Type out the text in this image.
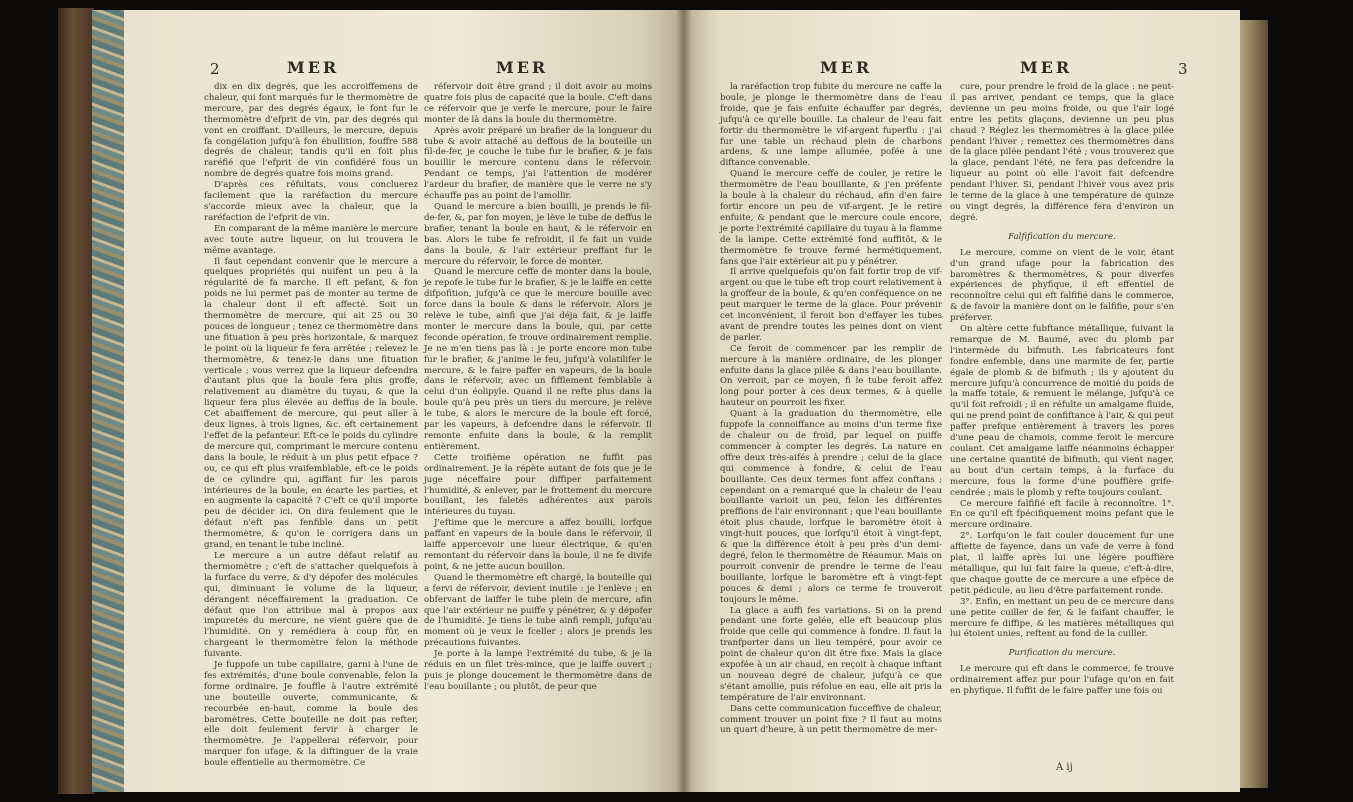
2	MER	MER

dix en dix degrés, que les accroiffemens de chaleur, qui font marqués fur le thermomètre de mercure, par des degrés égaux, le font fur le thermomètre d'efprit de vin, par des degrés qui vont en croiffant. D'ailleurs, le mercure, depuis fa congélation jufqu'à fon ébullition, fouffre 588 degrés de chaleur, tandis qu'il en foit plus raréfié que l'efprit de vin confidéré fous un nombre de degrés quatre fois moins grand.

D'après ces réfultats, vous concluerez facilement que la raréfaction du mercure s'accorde mieux avec la chaleur, que la raréfaction de l'efprit de vin.

En comparant de la même manière le mercure avec toute autre liqueur, on lui trouvera le même avantage.

Il faut cependant convenir que le mercure a quelques propriétés qui nuifent un peu à la régularité de fa marche. Il eft pefant, & fon poids ne lui permet pas de monter au terme de la chaleur dont il eft affecté. Soit un thermomètre de mercure, qui ait 25 ou 30 pouces de longueur ; tenez ce thermomètre dans une fituation à peu près horizontale, & marquez le point où la liqueur fe fera arrêtée ; relevez le thermomètre, & tenez-le dans une fituation verticale ; vous verrez que la liqueur defcendra d'autant plus que la boule fera plus groffe, relativement au diamètre du tuyau, & que la liqueur fera plus élevée au deffus de la boule. Cet abaiffement de mercure, qui peut aller à deux lignes, à trois lignes, &c. eft certainement l'effet de la pefanteur. Eft-ce le poids du cylindre de mercure qui, comprimant le mercure contenu dans la boule, le réduit à un plus petit efpace ? ou, ce qui eft plus vraifemblable, eft-ce le poids de ce cylindre qui, agiffant fur les parois intérieures de la boule, en écarte les parties, et en augmente la capacité ? C'eft ce qu'il importe peu de décider ici. On dira feulement que le défaut n'eft pas fenfible dans un petit thermomètre, & qu'on le corrigera dans un grand, en tenant le tube incliné.

Le mercure a un autre défaut relatif au thermomètre ; c'eft de s'attacher quelquefois à la furface du verre, & d'y dépofer des molécules qui, diminuant le volume de la liqueur, dérangent néceffairement la graduation. Ce défaut que l'on attribue mal à propos aux impuretés du mercure, ne vient guère que de l'humidité. On y remédiera à coup fûr, en chargeant le thermomètre felon la méthode fuivante.

Je fuppofe un tube capillaire, garni à l'une de fes extrémités, d'une boule convenable, felon la forme ordinaire. Je fouffle à l'autre extrémité une bouteille ouverte, communicante, & recourbée en-haut, comme la boule des baromètres. Cette bouteille ne doit pas refter, elle doit feulement fervir à charger le thermomètre. Je l'appellerai réfervoir, pour marquer fon ufage, & la diftinguer de la vraie boule effentielle au thermomètre. Ce

réfervoir doit être grand ; il doit avoir au moins quatre fois plus de capacité que la boule. C'eft dans ce réfervoir que je verfe le mercure, pour le faire monter de là dans la boule du thermomètre.

Après avoir préparé un brafier de la longueur du tube & avoir attaché au deffous de la bouteille un fil-de-fer, je couche le tube fur le brafier, & je fais bouillir le mercure contenu dans le réfervoir. Pendant ce temps, j'ai l'attention de modérer l'ardeur du brafier, de manière que le verre ne s'y échauffe pas au point de l'amollir.

Quand le mercure a bien bouilli, je prends le fil-de-fer, &, par fon moyen, je lève le tube de deffus le brafier, tenant la boule en haut, & le réfervoir en bas. Alors le tube fe refroidit, il fe fait un vuide dans la boule, & l'air extérieur preffant fur le mercure du réfervoir, le force de monter.

Quand le mercure ceffe de monter dans la boule, je repofe le tube fur le brafier, & je le laiffe en cette difpofition, jufqu'à ce que le mercure bouille avec force dans la boule & dans le réfervoir. Alors je relève le tube, ainfi que j'ai déja fait, & je laiffe monter le mercure dans la boule, qui, par cette feconde opération, fe trouve ordinairement remplie. Je ne m'en tiens pas là : je porte encore mon tube fur le brafier, & j'anime le feu, jufqu'à volatilifer le mercure, & le faire paffer en vapeurs, de la boule dans le réfervoir, avec un fifflement femblable à celui d'un éolipyle. Quand il ne refte plus dans la boule qu'à peu près un tiers du mercure, je relève le tube, & alors le mercure de la boule eft forcé, par les vapeurs, à defcendre dans le réfervoir. Il remonte enfuite dans la boule, & la remplit entièrement.

Cette troifième opération ne fuffit pas ordinairement. Je la répète autant de fois que je le juge néceffaire pour diffiper parfaitement l'humidité, & enlever, par le frottement du mercure bouillant, les faletés adhérentes aux parois intérieures du tuyau.

J'eftime que le mercure a affez bouilli, lorfque paffant en vapeurs de la boule dans le réfervoir, il laiffe appercevoir une lueur électrique, & qu'en remontant du réfervoir dans la boule, il ne fe divife point, & ne jette aucun bouillon.

Quand le thermomètre eft chargé, la bouteille qui a fervi de réfervoir, devient inutile : je l'enlève ; en obfervant de laiffer le tube plein de mercure, afin que l'air extérieur ne puiffe y pénétrer, & y dépofer de l'humidité. Je tiens le tube ainfi rempli, jufqu'au moment où je veux le fceller ; alors je prends les précautions fuivantes.

Je porte à la lampe l'extrémité du tube, & je la réduis en un filet très-mince, que je laiffe ouvert ; puis je plonge doucement le thermomètre dans de l'eau bouillante ; ou plutôt, de peur que

MER	MER	3

la raréfaction trop fubite du mercure ne caffe la boule, je plonge le thermomètre dans de l'eau froide, que je fais enfuite échauffer par degrés, jufqu'à ce qu'elle bouille. La chaleur de l'eau fait fortir du thermomètre le vif-argent fuperflu : j'ai fur une table un réchaud plein de charbons ardens, & une lampe allumée, pofée à une diftance convenable.

Quand le mercure ceffe de couler, je retire le thermomètre de l'eau bouillante, & j'en préfente la boule à la chaleur du réchaud, afin d'en faire fortir encore un peu de vif-argent. Je le retire enfuite, & pendant que le mercure coule encore, je porte l'extrémité capillaire du tuyau à la flamme de la lampe. Cette extrémité fond auffitôt, & le thermomètre fe trouve fermé hermétiquement, fans que l'air extérieur ait pu y pénétrer.

Il arrive quelquefois qu'on fait fortir trop de vif-argent ou que le tube eft trop court relativement à la groffeur de la boule, & qu'en conféquence on ne peut marquer le terme de la glace. Pour prévenir cet inconvénient, il feroit bon d'effayer les tubes avant de prendre toutes les peines dont on vient de parler.

Ce feroit de commencer par les remplir de mercure à la manière ordinaire, de les plonger enfuite dans la glace pilée & dans l'eau bouillante. On verroit, par ce moyen, fi le tube feroit affez long pour porter à ces deux termes, & à quelle hauteur on pourroit les fixer.

Quant à la graduation du thermomètre, elle fuppofe la connoiffance au moins d'un terme fixe de chaleur ou de froid, par lequel on puiffe commencer à compter les degrés. La nature en offre deux très-aifés à prendre ; celui de la glace qui commence à fondre, & celui de l'eau bouillante. Ces deux termes font affez conftans ; cependant on a remarqué que la chaleur de l'eau bouillante varioit un peu, felon les différentes preffions de l'air environnant ; que l'eau bouillante étoit plus chaude, lorfque le baromètre étoit à vingt-huit pouces, que lorfqu'il étoit à vingt-fept, & que la différence étoit à peu près d'un demi-degré, felon le thermomètre de Réaumur. Mais on pourroit convenir de prendre le terme de l'eau bouillante, lorfque le baromètre eft à vingt-fept pouces & demi ; alors ce terme fe trouveroit toujours le même.

La glace a auffi fes variations. Si on la prend pendant une forte gelée, elle eft beaucoup plus froide que celle qui commence à fondre. Il faut la tranfporter dans un lieu tempéré, pour avoir ce point de chaleur qu'on dit être fixe. Mais la glace expofée à un air chaud, en reçoit à chaque inftant un nouveau degré de chaleur, jufqu'à ce que s'étant amollie, puis réfolue en eau, elle ait pris la température de l'air environnant.

Dans cette communication fucceffive de chaleur, comment trouver un point fixe ? Il faut au moins un quart d'heure, à un petit thermomètre de mer-

cure, pour prendre le froid de la glace : ne peut-il pas arriver, pendant ce temps, que la glace devienne un peu moins froide, ou que l'air logé entre les petits glaçons, devienne un peu plus chaud ? Réglez les thermomètres à la glace pilée pendant l'hiver ; remettez ces thermomètres dans de la glace pilée pendant l'été ; vous trouverez que la glace, pendant l'été, ne fera pas defcendre la liqueur au point où elle l'avoit fait defcendre pendant l'hiver. Si, pendant l'hiver vous avez pris le terme de la glace à une température de quinze ou vingt degrés, la différence fera d'environ un degré.

Falfification du mercure.

Le mercure, comme on vient de le voir, étant d'un grand ufage pour la fabrication des baromètres & thermomètres, & pour diverfes expériences de phyfique, il eft effentiel de reconnoître celui qui eft falfifié dans le commerce, & de favoir la manière dont on le falfifie, pour s'en préferver.

On altère cette fubftance métallique, fuivant la remarque de M. Baumé, avec du plomb par l'intermède du bifmuth. Les fabricateurs font fondre enfemble, dans une marmite de fer, partie égale de plomb & de bifmuth ; ils y ajoutent du mercure jufqu'à concurrence de moitié du poids de la maffe totale, & remuent le mélange, jufqu'à ce qu'il foit refroidi ; il en réfulte un amalgame fluide, qui ne prend point de confiftance à l'air, & qui peut paffer prefque entièrement à travers les pores d'une peau de chamois, comme feroit le mercure coulant. Cet amalgame laiffe néanmoins échapper une certaine quantité de bifmuth, qui vient nager, au bout d'un certain temps, à la furface du mercure, fous la forme d'une pouffière grife-cendrée ; mais le plomb y refte toujours coulant.

Ce mercure falfifié eft facile à reconnoître. 1°. En ce qu'il eft fpécifiquement moins pefant que le mercure ordinaire.

2°. Lorfqu'on le fait couler doucement fur une affiette de fayence, dans un vafe de verre à fond plat, il laiffe après lui une légère pouffière métallique, qui lui fait faire la queue, c'eft-à-dire, que chaque goutte de ce mercure a une efpèce de petit pédicule, au lieu d'être parfaitement ronde.

3°. Enfin, en mettant un peu de ce mercure dans une petite cuiller de fer, & le faifant chauffer, le mercure fe diffipe, & les matières métalliques qui lui étoient unies, reftent au fond de la cuiller.

Purification du mercure.

Le mercure qui eft dans le commerce, fe trouve ordinairement affez pur pour l'ufage qu'on en fait en phyfique. Il fuffit de le faire paffer une fois ou

A ij
